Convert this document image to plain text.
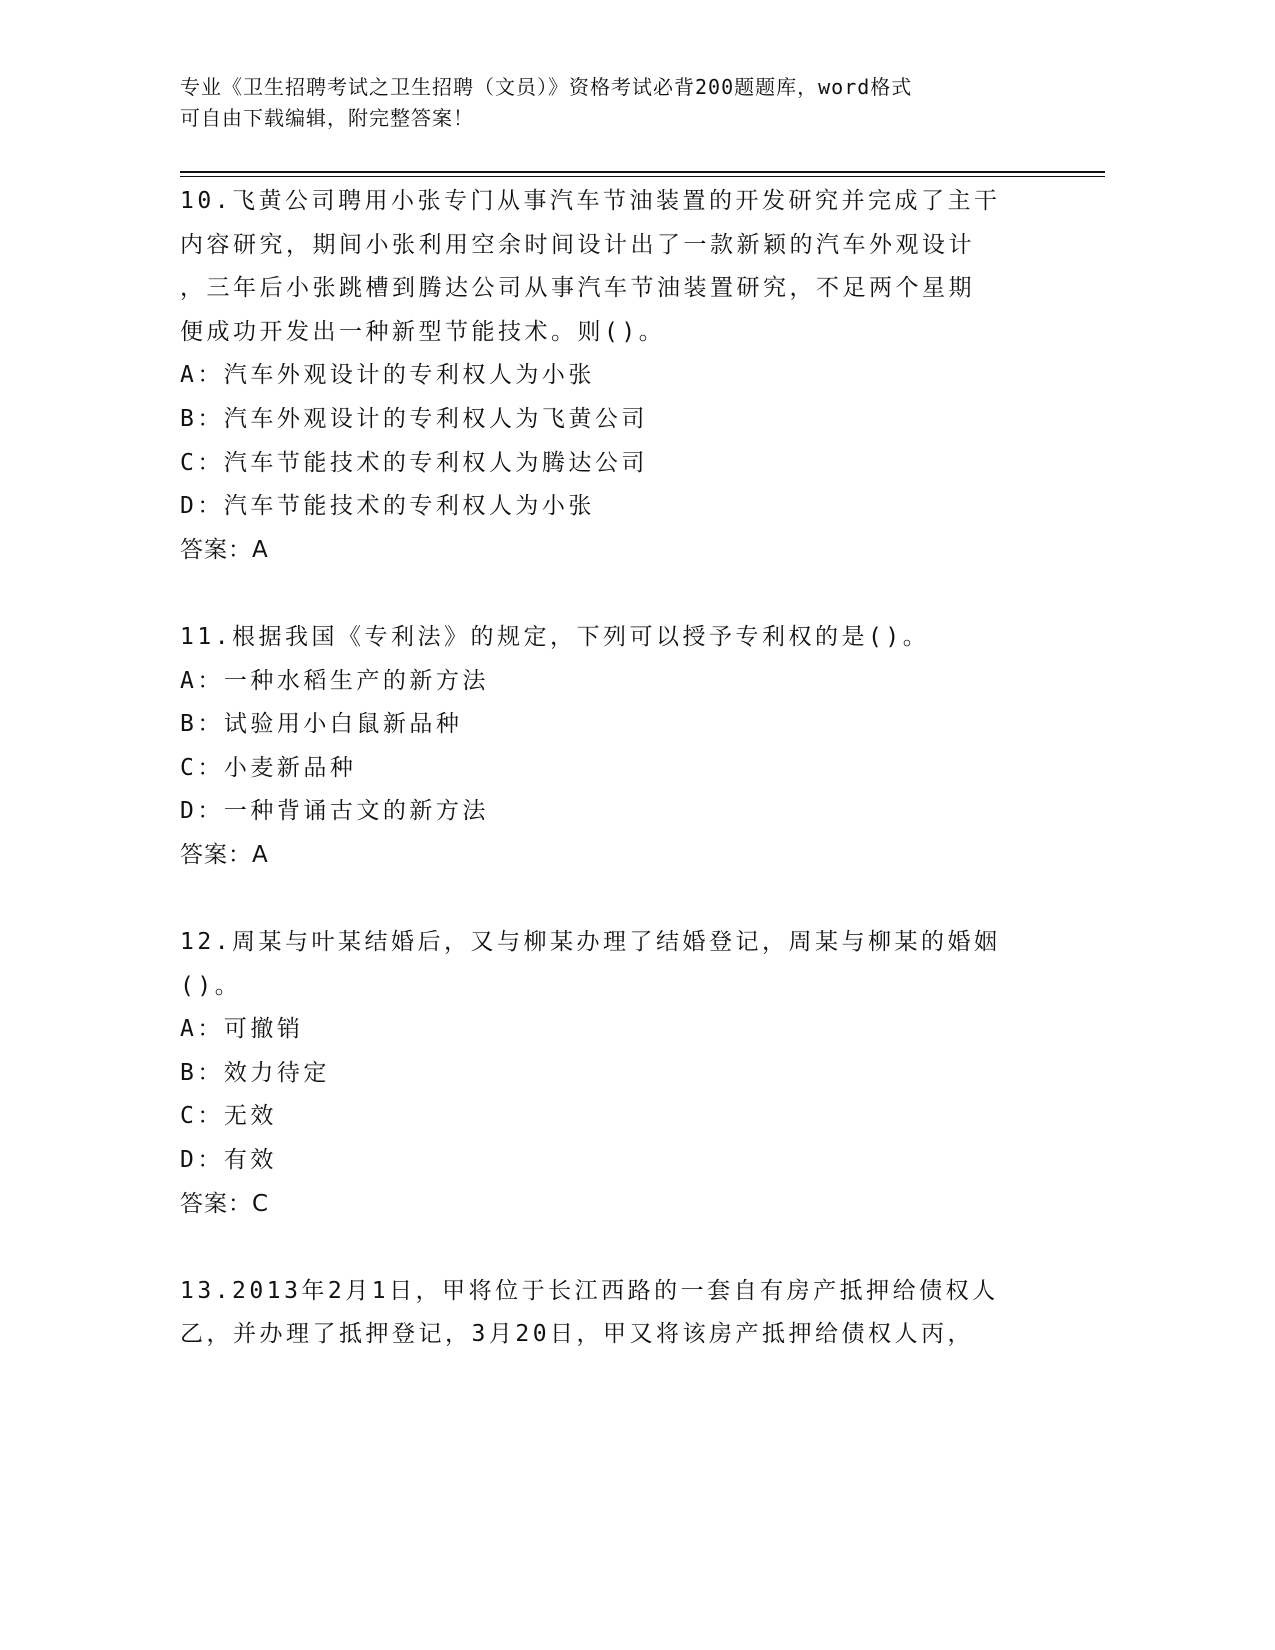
专业《卫生招聘考试之卫生招聘（文员）》资格考试必背200题题库，word格式
可自由下载编辑，附完整答案！
10.飞黄公司聘用小张专门从事汽车节油装置的开发研究并完成了主干
内容研究，期间小张利用空余时间设计出了一款新颖的汽车外观设计
，三年后小张跳槽到腾达公司从事汽车节油装置研究，不足两个星期
便成功开发出一种新型节能技术。则()。
A：汽车外观设计的专利权人为小张
B：汽车外观设计的专利权人为飞黄公司
C：汽车节能技术的专利权人为腾达公司
D：汽车节能技术的专利权人为小张
答案：A
11.根据我国《专利法》的规定，下列可以授予专利权的是()。
A：一种水稻生产的新方法
B：试验用小白鼠新品种
C：小麦新品种
D：一种背诵古文的新方法
答案：A
12.周某与叶某结婚后，又与柳某办理了结婚登记，周某与柳某的婚姻
()。
A：可撤销
B：效力待定
C：无效
D：有效
答案：C
13.2013年2月1日，甲将位于长江西路的一套自有房产抵押给债权人
乙，并办理了抵押登记，3月20日，甲又将该房产抵押给债权人丙，
